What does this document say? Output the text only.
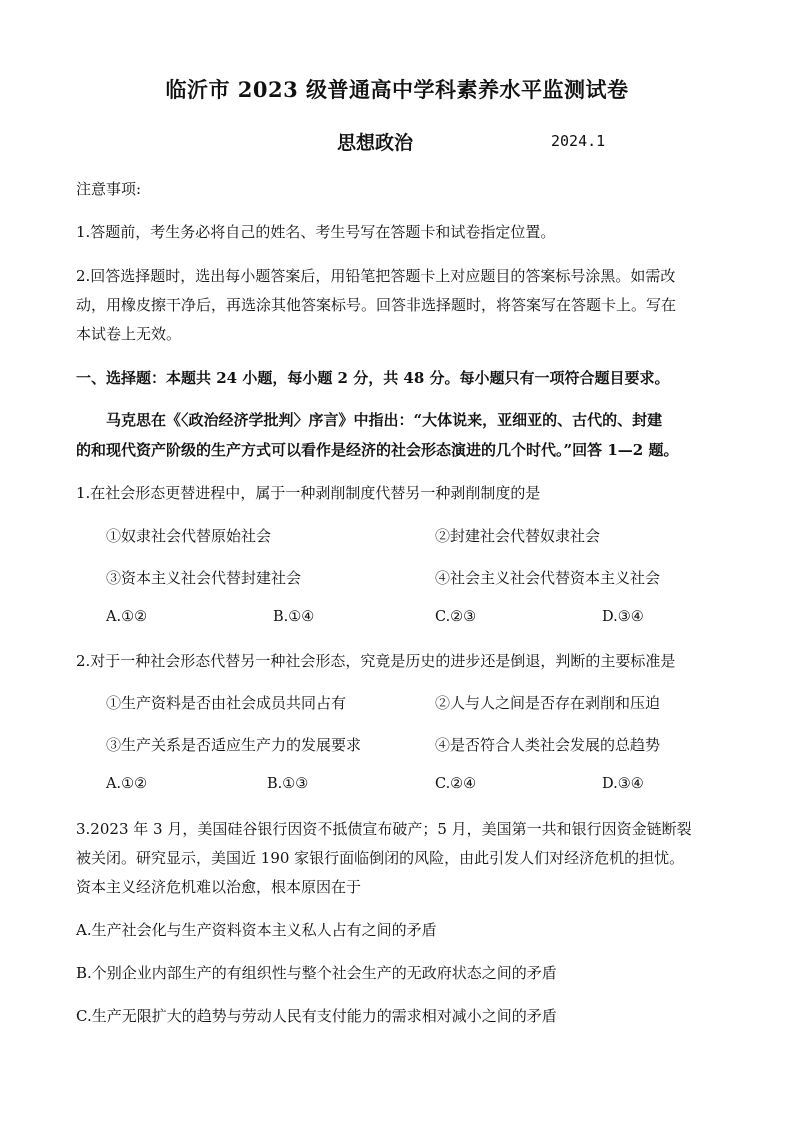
临沂市 2023 级普通高中学科素养水平监测试卷
思想政治	2024.1
注意事项:
1.答题前，考生务必将自己的姓名、考生号写在答题卡和试卷指定位置。
2.回答选择题时，选出每小题答案后，用铅笔把答题卡上对应题目的答案标号涂黑。如需改
动，用橡皮擦干净后，再选涂其他答案标号。回答非选择题时，将答案写在答题卡上。写在
本试卷上无效。
一、选择题：本题共 24 小题，每小题 2 分，共 48 分。每小题只有一项符合题目要求。
马克思在《〈政治经济学批判〉序言》中指出：“大体说来，亚细亚的、古代的、封建
的和现代资产阶级的生产方式可以看作是经济的社会形态演进的几个时代。”回答 1—2 题。
1.在社会形态更替进程中，属于一种剥削制度代替另一种剥削制度的是
①奴隶社会代替原始社会	②封建社会代替奴隶社会
③资本主义社会代替封建社会	④社会主义社会代替资本主义社会
A.①②	B.①④	C.②③	D.③④
2.对于一种社会形态代替另一种社会形态，究竟是历史的进步还是倒退，判断的主要标准是
①生产资料是否由社会成员共同占有	②人与人之间是否存在剥削和压迫
③生产关系是否适应生产力的发展要求	④是否符合人类社会发展的总趋势
A.①②	B.①③	C.②④	D.③④
3.2023 年 3 月，美国硅谷银行因资不抵债宣布破产；5 月，美国第一共和银行因资金链断裂
被关闭。研究显示，美国近 190 家银行面临倒闭的风险，由此引发人们对经济危机的担忧。
资本主义经济危机难以治愈，根本原因在于
A.生产社会化与生产资料资本主义私人占有之间的矛盾
B.个别企业内部生产的有组织性与整个社会生产的无政府状态之间的矛盾
C.生产无限扩大的趋势与劳动人民有支付能力的需求相对减小之间的矛盾
